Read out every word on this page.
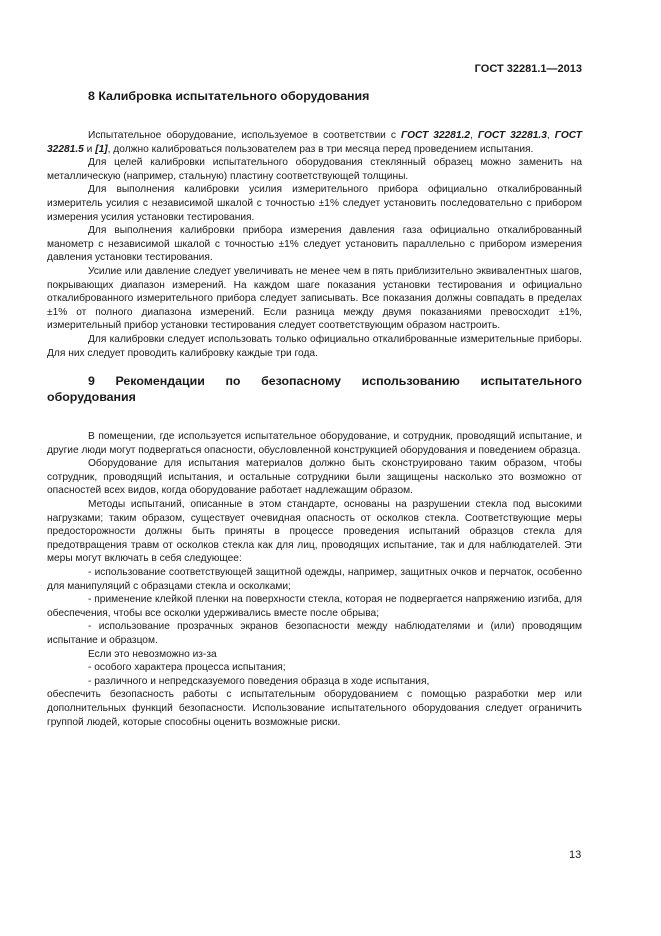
ГОСТ 32281.1—2013
8 Калибровка испытательного оборудования

Испытательное оборудование, используемое в соответствии с ГОСТ 32281.2, ГОСТ 32281.3, ГОСТ 32281.5 и [1], должно калиброваться пользователем раз в три месяца перед проведением испытания.

Для целей калибровки испытательного оборудования стеклянный образец можно заменить на металлическую (например, стальную) пластину соответствующей толщины.

Для выполнения калибровки усилия измерительного прибора официально откалиброванный измеритель усилия с независимой шкалой с точностью ±1% следует установить последовательно с прибором измерения усилия установки тестирования.

Для выполнения калибровки прибора измерения давления газа официально откалиброванный манометр с независимой шкалой с точностью ±1% следует установить параллельно с прибором измерения давления установки тестирования.

Усилие или давление следует увеличивать не менее чем в пять приблизительно эквивалентных шагов, покрывающих диапазон измерений. На каждом шаге показания установки тестирования и официально откалиброванного измерительного прибора следует записывать. Все показания должны совпадать в пределах ±1% от полного диапазона измерений. Если разница между двумя показаниями превосходит ±1%, измерительный прибор установки тестирования следует соответствующим образом настроить.

Для калибровки следует использовать только официально откалиброванные измерительные приборы. Для них следует проводить калибровку каждые три года.

9 Рекомендации по безопасному использованию испытательного оборудования

В помещении, где используется испытательное оборудование, и сотрудник, проводящий испытание, и другие люди могут подвергаться опасности, обусловленной конструкцией оборудования и поведением образца.

Оборудование для испытания материалов должно быть сконструировано таким образом, чтобы сотрудник, проводящий испытания, и остальные сотрудники были защищены насколько это возможно от опасностей всех видов, когда оборудование работает надлежащим образом.

Методы испытаний, описанные в этом стандарте, основаны на разрушении стекла под высокими нагрузками; таким образом, существует очевидная опасность от осколков стекла. Соответствующие меры предосторожности должны быть приняты в процессе проведения испытаний образцов стекла для предотвращения травм от осколков стекла как для лиц, проводящих испытание, так и для наблюдателей. Эти меры могут включать в себя следующее:

- использование соответствующей защитной одежды, например, защитных очков и перчаток, особенно для манипуляций с образцами стекла и осколками;

- применение клейкой пленки на поверхности стекла, которая не подвергается напряжению изгиба, для обеспечения, чтобы все осколки удерживались вместе после обрыва;

- использование прозрачных экранов безопасности между наблюдателями и (или) проводящим испытание и образцом.

Если это невозможно из-за

- особого характера процесса испытания;

- различного и непредсказуемого поведения образца в ходе испытания,

обеспечить безопасность работы с испытательным оборудованием с помощью разработки мер или дополнительных функций безопасности. Использование испытательного оборудования следует ограничить группой людей, которые способны оценить возможные риски.

13
